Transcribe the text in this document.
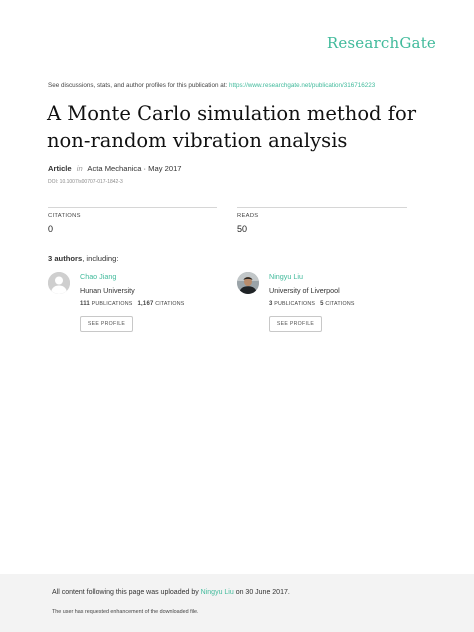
ResearchGate
See discussions, stats, and author profiles for this publication at: https://www.researchgate.net/publication/316716223
A Monte Carlo simulation method for non-random vibration analysis
Article in Acta Mechanica · May 2017
DOI: 10.1007/s00707-017-1842-3
CITATIONS
0
READS
50
3 authors, including:
Chao Jiang
Hunan University
111 PUBLICATIONS 1,167 CITATIONS
SEE PROFILE
Ningyu Liu
University of Liverpool
3 PUBLICATIONS 5 CITATIONS
SEE PROFILE
All content following this page was uploaded by Ningyu Liu on 30 June 2017.
The user has requested enhancement of the downloaded file.
